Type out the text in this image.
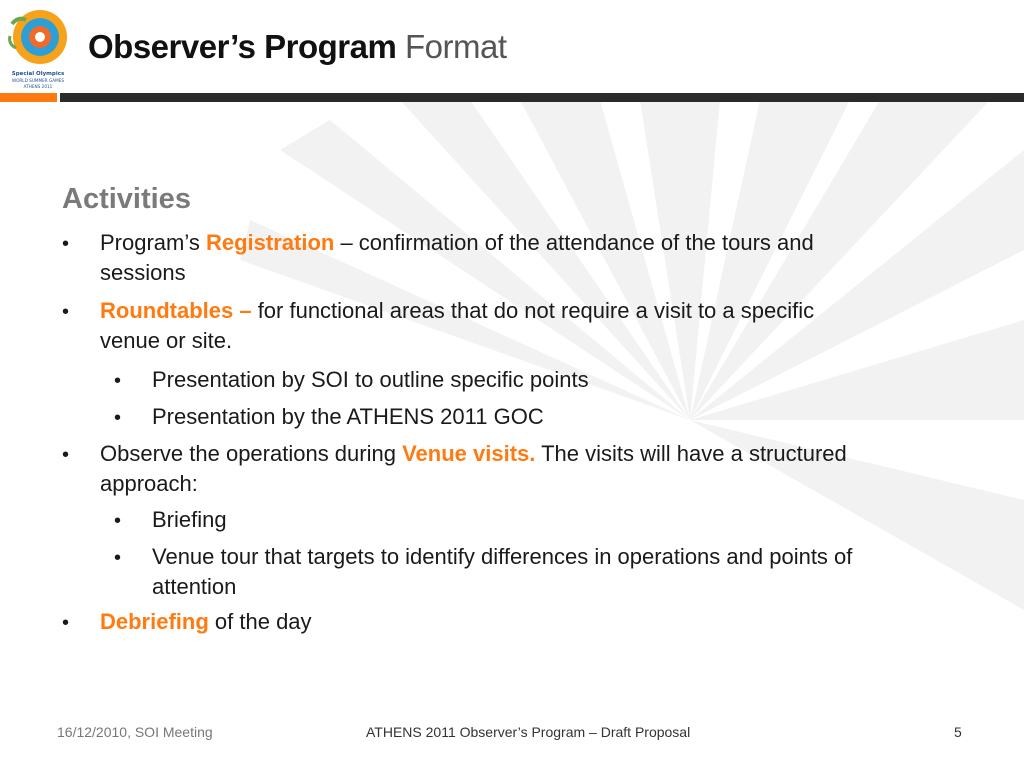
Special Olympics
WORLD SUMMER GAMES
ATHENS 2011
Observer’s Program Format
Activities
• Program’s Registration – confirmation of the attendance of the tours and
sessions
• Roundtables – for functional areas that do not require a visit to a specific
venue or site.
• Presentation by SOI to outline specific points
• Presentation by the ATHENS 2011 GOC
• Observe the operations during Venue visits. The visits will have a structured
approach:
• Briefing
• Venue tour that targets to identify differences in operations and points of
attention
• Debriefing of the day
16/12/2010, SOI Meeting	ATHENS 2011 Observer’s Program – Draft Proposal	5
